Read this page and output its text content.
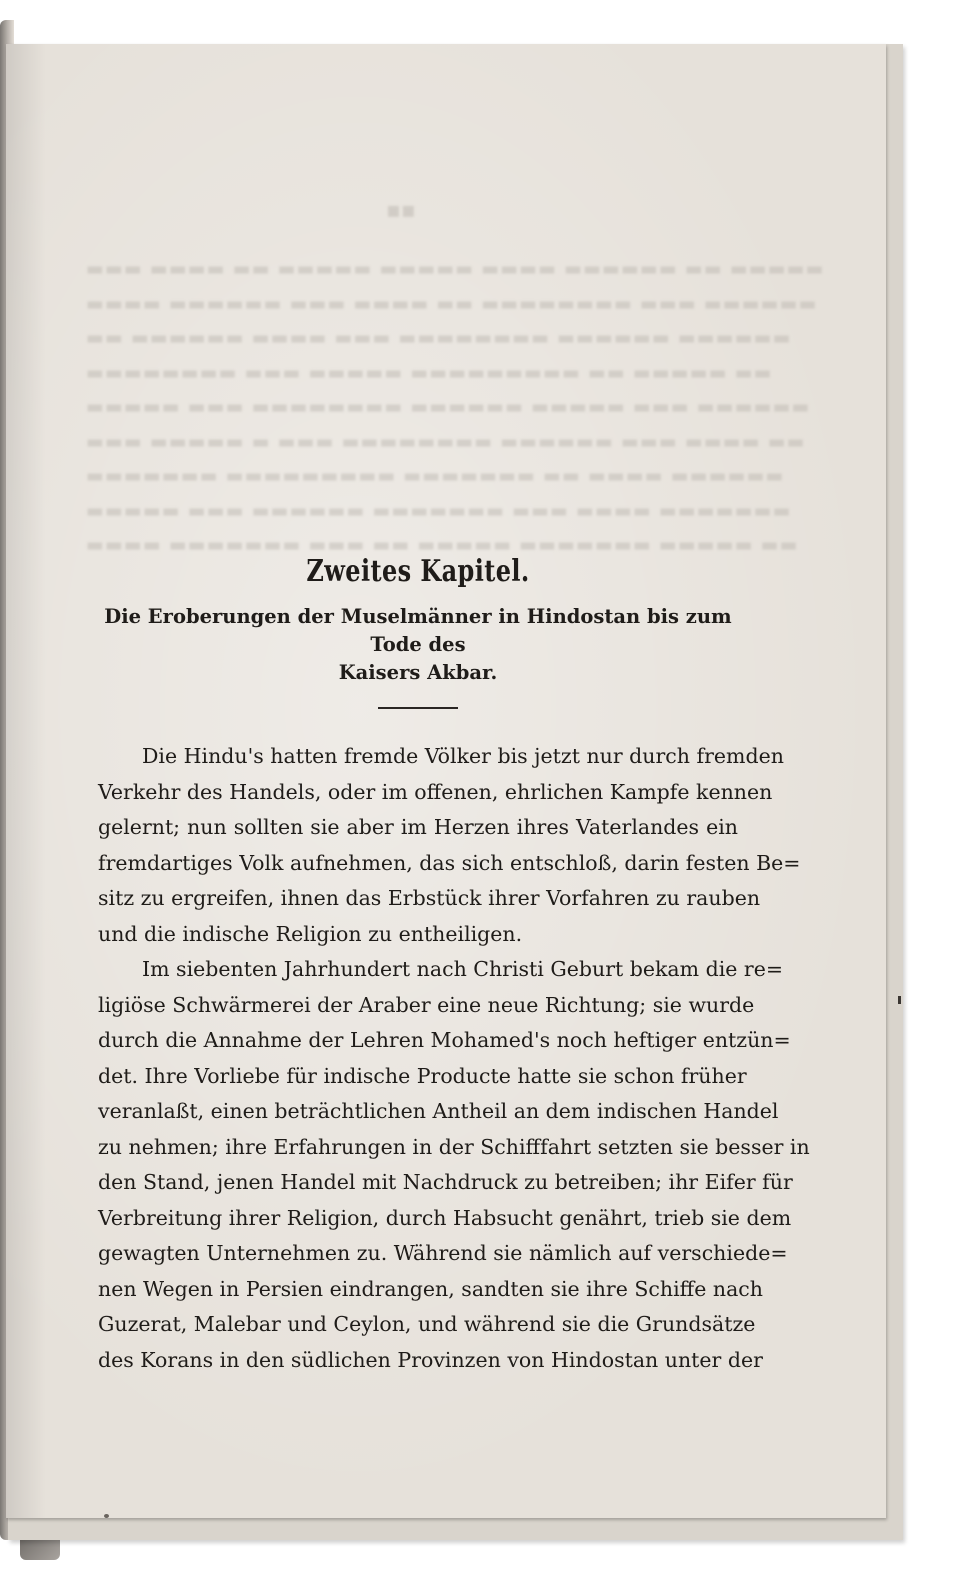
▪▪
▬▬▬ ▬▬▬▬ ▬▬ ▬▬▬▬▬ ▬▬▬▬▬ ▬▬▬▬ ▬▬▬▬▬▬ ▬▬ ▬▬▬▬▬
▬▬▬▬ ▬▬▬▬▬▬ ▬▬▬ ▬▬▬▬ ▬▬ ▬▬▬▬▬▬▬▬ ▬▬▬ ▬▬▬▬▬▬
▬▬ ▬▬▬▬▬▬ ▬▬▬▬ ▬▬▬ ▬▬▬▬▬▬▬▬ ▬▬▬▬▬▬ ▬▬▬▬▬▬
▬▬▬▬▬▬▬▬ ▬▬▬ ▬▬▬▬▬ ▬▬▬▬▬▬▬▬▬ ▬▬ ▬▬▬▬▬ ▬▬
▬▬▬▬▬ ▬▬▬ ▬▬▬▬▬▬▬▬ ▬▬▬▬▬▬ ▬▬▬▬▬ ▬▬▬ ▬▬▬▬▬▬
▬▬▬ ▬▬▬▬▬ ▬ ▬▬▬ ▬▬▬▬▬▬▬▬ ▬▬▬▬▬▬ ▬▬▬ ▬▬▬▬ ▬▬
▬▬▬▬▬▬▬ ▬▬▬▬▬▬▬▬▬ ▬▬▬▬▬▬▬ ▬▬ ▬▬▬▬ ▬▬▬▬▬▬
▬▬▬▬▬ ▬▬▬ ▬▬▬▬▬▬ ▬▬▬▬▬▬▬ ▬▬▬ ▬▬▬▬ ▬▬▬▬▬▬▬
▬▬▬▬ ▬▬▬▬▬▬▬ ▬▬▬ ▬▬ ▬▬▬▬▬ ▬▬▬▬▬▬▬ ▬▬▬▬▬ ▬▬
Zweites Kapitel.

Die Eroberungen der Muselmänner in Hindostan bis zum Tode des
Kaisers Akbar.

Die Hindu's hatten fremde Völker bis jetzt nur durch fremden
Verkehr des Handels, oder im offenen, ehrlichen Kampfe kennen
gelernt; nun sollten sie aber im Herzen ihres Vaterlandes ein
fremdartiges Volk aufnehmen, das sich entschloß, darin festen Be=
sitz zu ergreifen, ihnen das Erbstück ihrer Vorfahren zu rauben
und die indische Religion zu entheiligen.

Im siebenten Jahrhundert nach Christi Geburt bekam die re=
ligiöse Schwärmerei der Araber eine neue Richtung; sie wurde
durch die Annahme der Lehren Mohamed's noch heftiger entzün=
det. Ihre Vorliebe für indische Producte hatte sie schon früher
veranlaßt, einen beträchtlichen Antheil an dem indischen Handel
zu nehmen; ihre Erfahrungen in der Schifffahrt setzten sie besser in
den Stand, jenen Handel mit Nachdruck zu betreiben; ihr Eifer für
Verbreitung ihrer Religion, durch Habsucht genährt, trieb sie dem
gewagten Unternehmen zu. Während sie nämlich auf verschiede=
nen Wegen in Persien eindrangen, sandten sie ihre Schiffe nach
Guzerat, Malebar und Ceylon, und während sie die Grundsätze
des Korans in den südlichen Provinzen von Hindostan unter der
